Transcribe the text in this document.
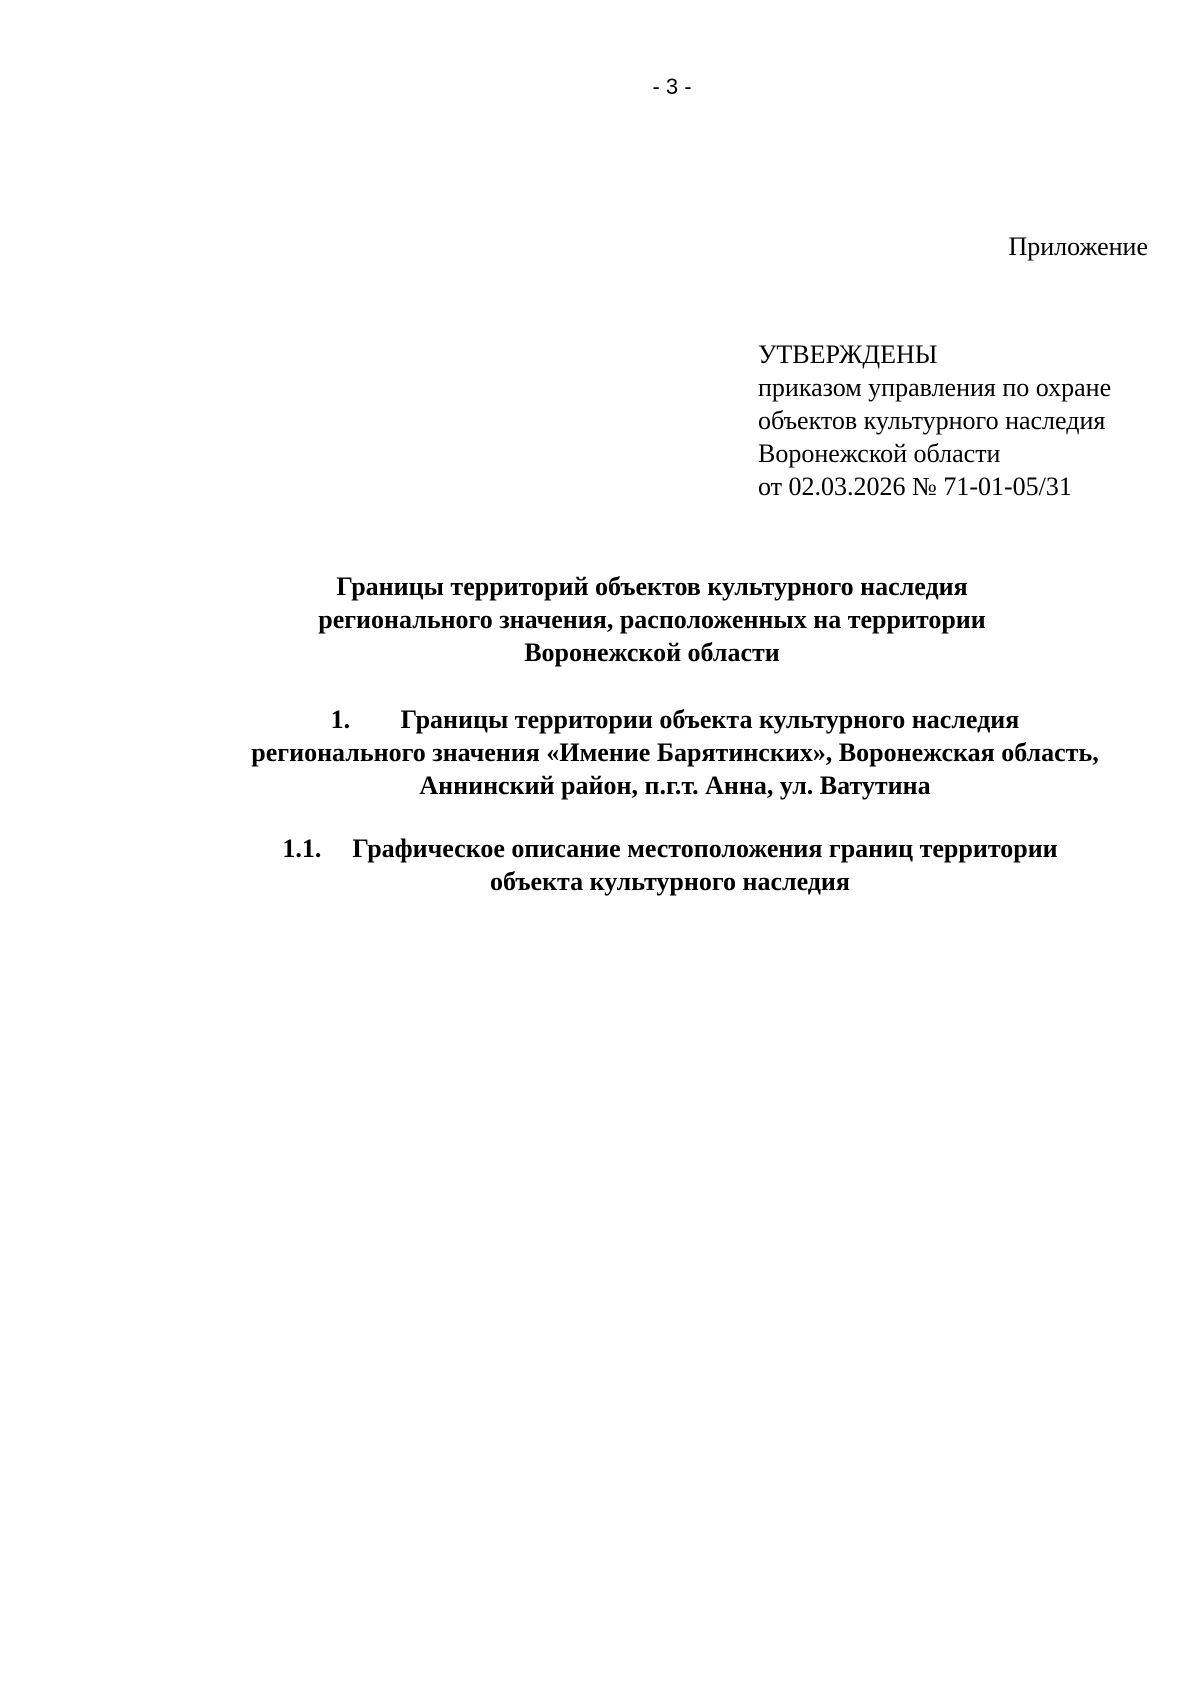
- 3 -
Приложение
УТВЕРЖДЕНЫ
приказом управления по охране
объектов культурного наследия
Воронежской области
от 02.03.2026 № 71-01-05/31
Границы территорий объектов культурного наследия
регионального значения, расположенных на территории
Воронежской области
1. Границы территории объекта культурного наследия
регионального значения «Имение Барятинских», Воронежская область,
Аннинский район, п.г.т. Анна, ул. Ватутина
1.1. Графическое описание местоположения границ территории
объекта культурного наследия
